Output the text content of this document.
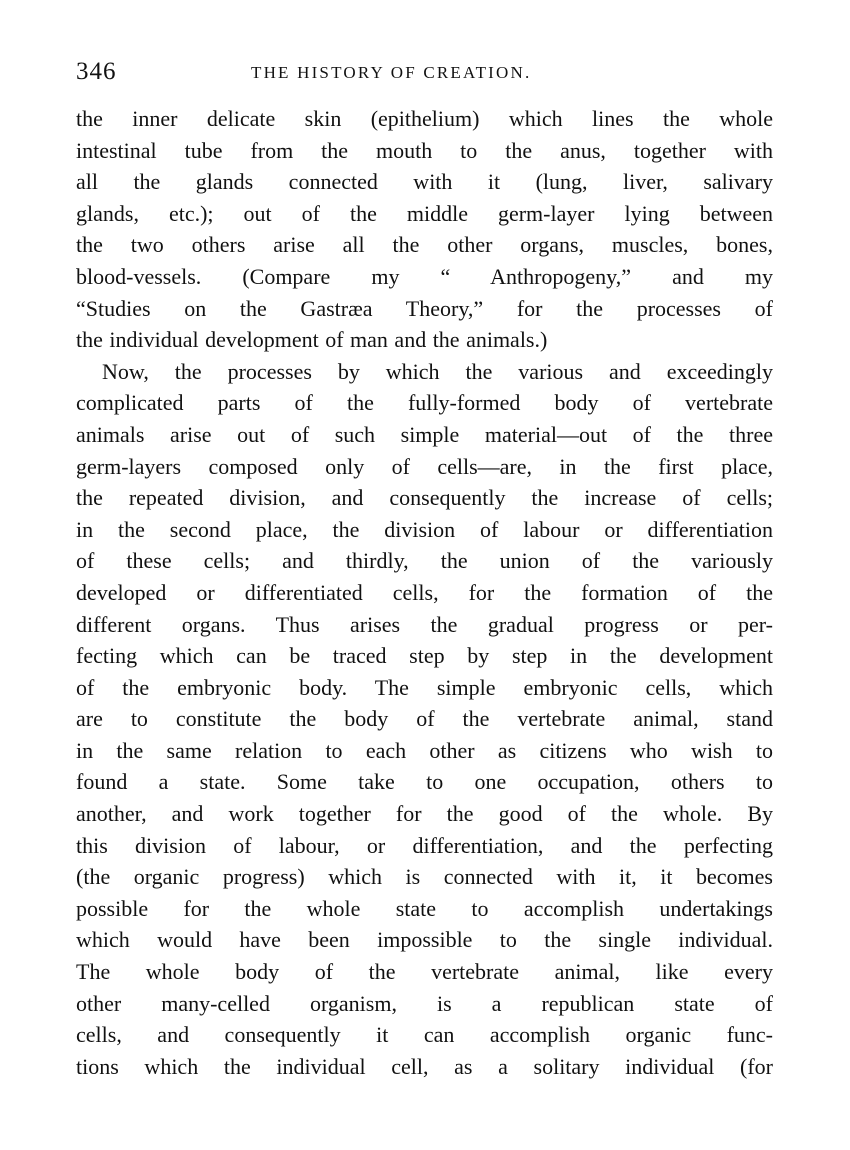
346	THE HISTORY OF CREATION.
the inner delicate skin (epithelium) which lines the whole
intestinal tube from the mouth to the anus, together with
all the glands connected with it (lung, liver, salivary
glands, etc.); out of the middle germ-layer lying between
the two others arise all the other organs, muscles, bones,
blood-vessels. (Compare my “ Anthropogeny,” and my
“Studies on the Gastræa Theory,” for the processes of
the individual development of man and the animals.)
Now, the processes by which the various and exceedingly
complicated parts of the fully-formed body of vertebrate
animals arise out of such simple material—out of the three
germ-layers composed only of cells—are, in the first place,
the repeated division, and consequently the increase of cells;
in the second place, the division of labour or differentiation
of these cells; and thirdly, the union of the variously
developed or differentiated cells, for the formation of the
different organs. Thus arises the gradual progress or per-
fecting which can be traced step by step in the development
of the embryonic body. The simple embryonic cells, which
are to constitute the body of the vertebrate animal, stand
in the same relation to each other as citizens who wish to
found a state. Some take to one occupation, others to
another, and work together for the good of the whole. By
this division of labour, or differentiation, and the perfecting
(the organic progress) which is connected with it, it becomes
possible for the whole state to accomplish undertakings
which would have been impossible to the single individual.
The whole body of the vertebrate animal, like every
other many-celled organism, is a republican state of
cells, and consequently it can accomplish organic func-
tions which the individual cell, as a solitary individual (for
